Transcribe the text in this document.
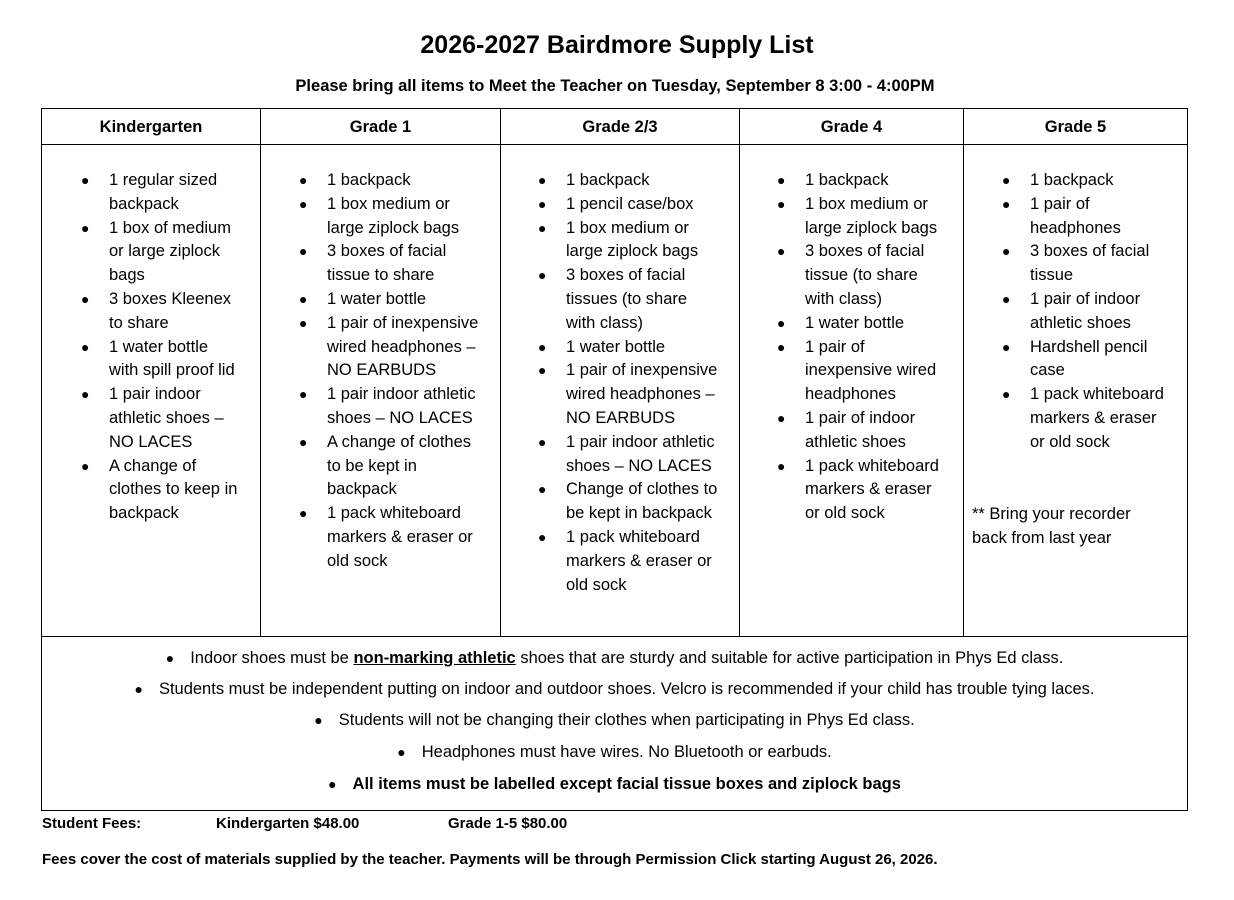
2026-2027 Bairdmore Supply List
Please bring all items to Meet the Teacher on Tuesday, September 8 3:00 - 4:00PM
Kindergarten
● 1 regular sized
backpack
● 1 box of medium
or large ziplock
bags
● 3 boxes Kleenex
to share
● 1 water bottle
with spill proof lid
● 1 pair indoor
athletic shoes –
NO LACES
● A change of
clothes to keep in
backpack
Grade 1
● 1 backpack
● 1 box medium or
large ziplock bags
● 3 boxes of facial
tissue to share
● 1 water bottle
● 1 pair of inexpensive
wired headphones –
NO EARBUDS
● 1 pair indoor athletic
shoes – NO LACES
● A change of clothes
to be kept in
backpack
● 1 pack whiteboard
markers & eraser or
old sock
Grade 2/3
● 1 backpack
● 1 pencil case/box
● 1 box medium or
large ziplock bags
● 3 boxes of facial
tissues (to share
with class)
● 1 water bottle
● 1 pair of inexpensive
wired headphones –
NO EARBUDS
● 1 pair indoor athletic
shoes – NO LACES
● Change of clothes to
be kept in backpack
● 1 pack whiteboard
markers & eraser or
old sock
Grade 4
● 1 backpack
● 1 box medium or
large ziplock bags
● 3 boxes of facial
tissue (to share
with class)
● 1 water bottle
● 1 pair of
inexpensive wired
headphones
● 1 pair of indoor
athletic shoes
● 1 pack whiteboard
markers & eraser
or old sock
Grade 5
● 1 backpack
● 1 pair of
headphones
● 3 boxes of facial
tissue
● 1 pair of indoor
athletic shoes
● Hardshell pencil
case
● 1 pack whiteboard
markers & eraser
or old sock
** Bring your recorder
back from last year
● Indoor shoes must be non-marking athletic shoes that are sturdy and suitable for active participation in Phys Ed class.
● Students must be independent putting on indoor and outdoor shoes. Velcro is recommended if your child has trouble tying laces.
● Students will not be changing their clothes when participating in Phys Ed class.
● Headphones must have wires. No Bluetooth or earbuds.
● All items must be labelled except facial tissue boxes and ziplock bags
Student Fees:	Kindergarten $48.00	Grade 1-5 $80.00
Fees cover the cost of materials supplied by the teacher. Payments will be through Permission Click starting August 26, 2026.
